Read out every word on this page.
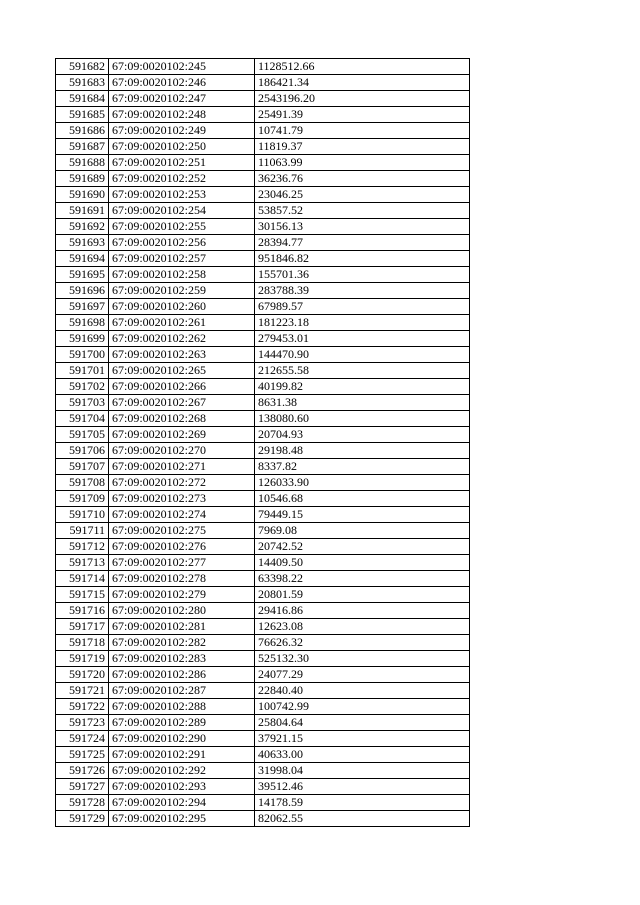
591682	67:09:0020102:245	1128512.66
591683	67:09:0020102:246	186421.34
591684	67:09:0020102:247	2543196.20
591685	67:09:0020102:248	25491.39
591686	67:09:0020102:249	10741.79
591687	67:09:0020102:250	11819.37
591688	67:09:0020102:251	11063.99
591689	67:09:0020102:252	36236.76
591690	67:09:0020102:253	23046.25
591691	67:09:0020102:254	53857.52
591692	67:09:0020102:255	30156.13
591693	67:09:0020102:256	28394.77
591694	67:09:0020102:257	951846.82
591695	67:09:0020102:258	155701.36
591696	67:09:0020102:259	283788.39
591697	67:09:0020102:260	67989.57
591698	67:09:0020102:261	181223.18
591699	67:09:0020102:262	279453.01
591700	67:09:0020102:263	144470.90
591701	67:09:0020102:265	212655.58
591702	67:09:0020102:266	40199.82
591703	67:09:0020102:267	8631.38
591704	67:09:0020102:268	138080.60
591705	67:09:0020102:269	20704.93
591706	67:09:0020102:270	29198.48
591707	67:09:0020102:271	8337.82
591708	67:09:0020102:272	126033.90
591709	67:09:0020102:273	10546.68
591710	67:09:0020102:274	79449.15
591711	67:09:0020102:275	7969.08
591712	67:09:0020102:276	20742.52
591713	67:09:0020102:277	14409.50
591714	67:09:0020102:278	63398.22
591715	67:09:0020102:279	20801.59
591716	67:09:0020102:280	29416.86
591717	67:09:0020102:281	12623.08
591718	67:09:0020102:282	76626.32
591719	67:09:0020102:283	525132.30
591720	67:09:0020102:286	24077.29
591721	67:09:0020102:287	22840.40
591722	67:09:0020102:288	100742.99
591723	67:09:0020102:289	25804.64
591724	67:09:0020102:290	37921.15
591725	67:09:0020102:291	40633.00
591726	67:09:0020102:292	31998.04
591727	67:09:0020102:293	39512.46
591728	67:09:0020102:294	14178.59
591729	67:09:0020102:295	82062.55
